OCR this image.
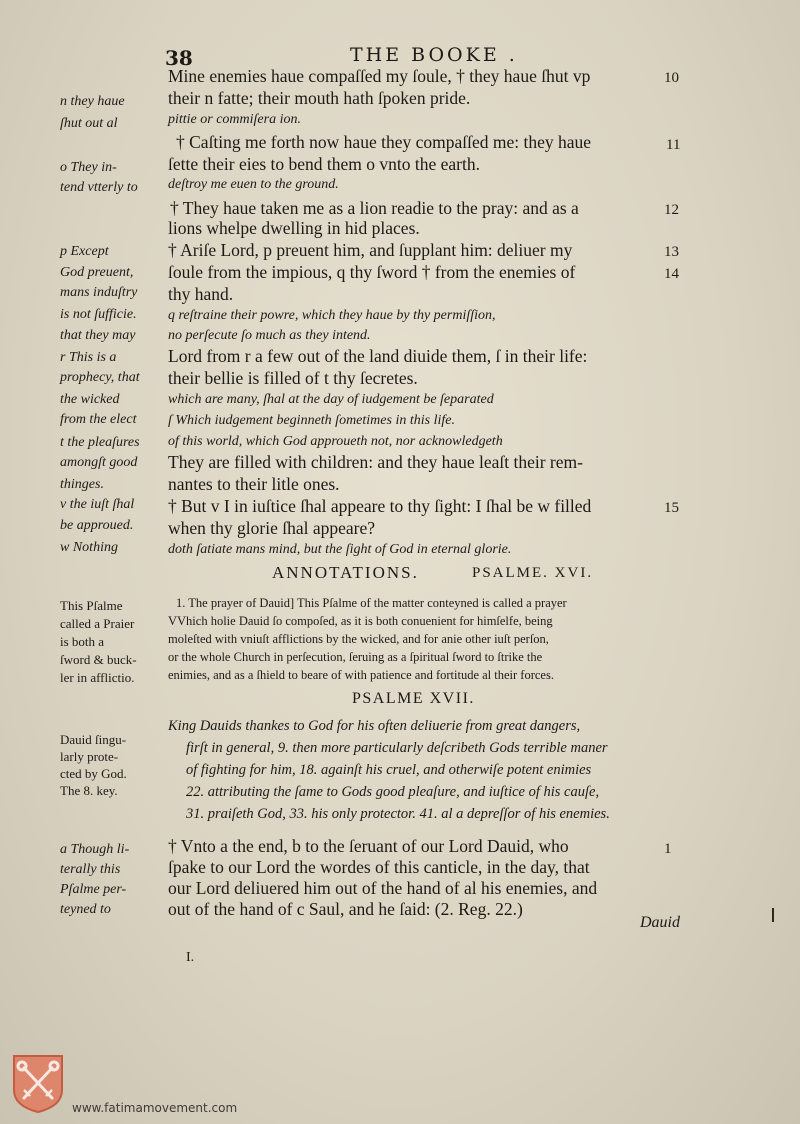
38	THE BOOKE .
Mine enemies haue compaſſed my ſoule, † they haue ſhut vp
their n fatte; their mouth hath ſpoken pride.
pittie or commiſera ion.
† Caſting me forth now haue they compaſſed me: they haue
ſette their eies to bend them o vnto the earth.
deſtroy me euen to the ground.
† They haue taken me as a lion readie to the pray: and as a
lions whelpe dwelling in hid places.
† Ariſe Lord, p preuent him, and ſupplant him: deliuer my
ſoule from the impious, q thy ſword † from the enemies of
thy hand.
q reſtraine their powre, which they haue by thy permiſſion,
no perſecute ſo much as they intend.
Lord from r a few out of the land diuide them, ſ in their life:
their bellie is filled of t thy ſecretes.
which are many, ſhal at the day of iudgement be ſeparated
ſ Which iudgement beginneth ſometimes in this life.
of this world, which God approueth not, nor acknowledgeth
They are filled with children: and they haue leaſt their rem-
nantes to their litle ones.
† But v I in iuſtice ſhal appeare to thy ſight: I ſhal be w filled
when thy glorie ſhal appeare?
doth ſatiate mans mind, but the ſight of God in eternal glorie.
10
11
12
13
14
15
n they haue
ſhut out al
o They in-
tend vtterly to
p Except
God preuent,
mans induſtry
is not ſufficie.
that they may
r This is a
prophecy, that
the wicked
from the elect
t the pleaſures
amongſt good
thinges.
v the iuſt ſhal
be approued.
w Nothing
ANNOTATIONS.	PSALME. XVI.
1. The prayer of Dauid] This Pſalme of the matter conteyned is called a prayer
VVhich holie Dauid ſo compoſed, as it is both conuenient for himſelfe, being
moleſted with vniuſt afflictions by the wicked, and for anie other iuſt perſon,
or the whole Church in perſecution, ſeruing as a ſpiritual ſword to ſtrike the
enimies, and as a ſhield to beare of with patience and fortitude al their forces.
This Pſalme
called a Praier
is both a
ſword & buck-
ler in afflictio.
PSALME XVII.
King Dauids thankes to God for his often deliuerie from great dangers,
firſt in general, 9. then more particularly deſcribeth Gods terrible maner
of fighting for him, 18. againſt his cruel, and otherwiſe potent enimies
22. attributing the ſame to Gods good pleaſure, and iuſtice of his cauſe,
31. praiſeth God, 33. his only protector. 41. al a depreſſor of his enemies.
Dauid ſingu-
larly prote-
cted by God.
The 8. key.
† Vnto a the end, b to the ſeruant of our Lord Dauid, who
ſpake to our Lord the wordes of this canticle, in the day, that
our Lord deliuered him out of the hand of al his enemies, and
out of the hand of c Saul, and he ſaid: (2. Reg. 22.)
1
a Though li-
terally this
Pſalme per-
teyned to
Dauid
I.
www.fatimamovement.com
